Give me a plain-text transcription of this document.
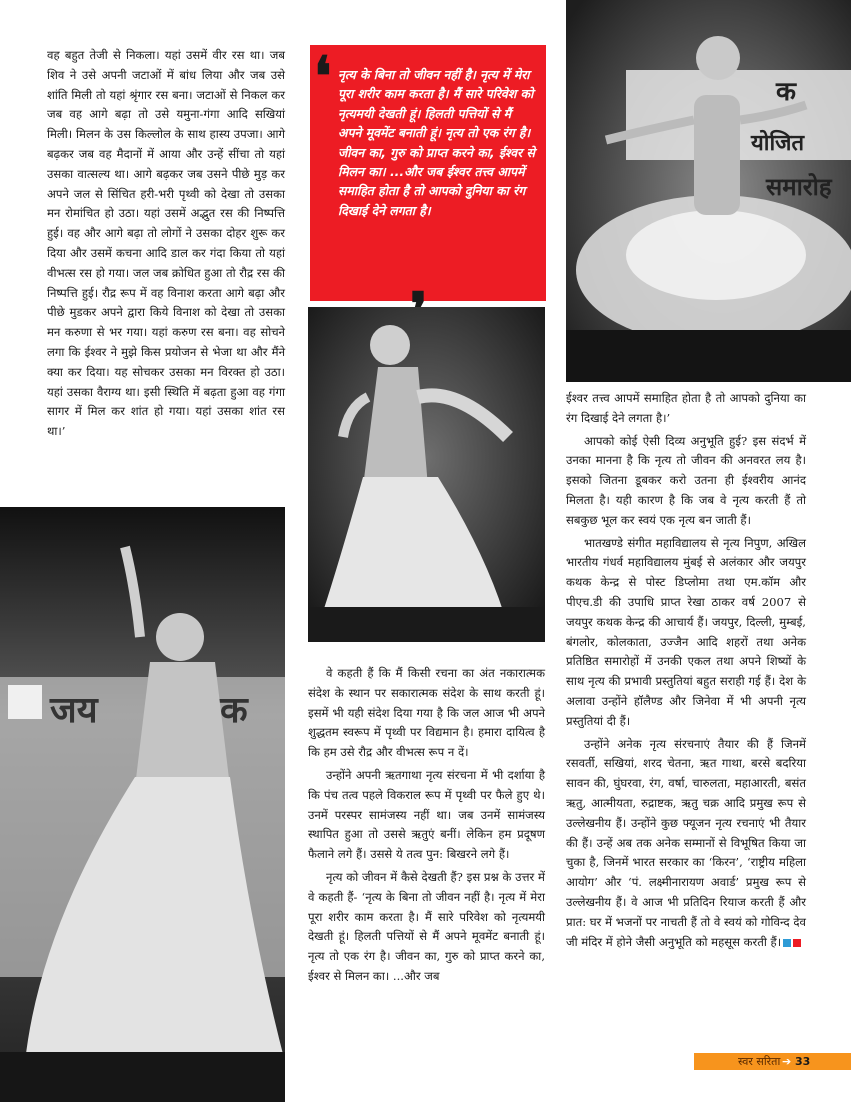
क
योजित
समारोह

वह बहुत तेजी से निकला। यहां उसमें वीर रस था। जब शिव ने उसे अपनी जटाओं में बांध लिया और जब उसे शांति मिली तो यहां श्रृंगार रस बना। जटाओं से निकल कर जब वह आगे बढ़ा तो उसे यमुना-गंगा आदि सखियां मिली। मिलन के उस किल्लोल के साथ हास्य उपजा। आगे बढ़कर जब वह मैदानों में आया और उन्हें सींचा तो यहां उसका वात्सल्य था। आगे बढ़कर जब उसने पीछे मुड़ कर अपने जल से सिंचित हरी-भरी पृथ्वी को देखा तो उसका मन रोमांचित हो उठा। यहां उसमें अद्भुत रस की निष्पत्ति हुई। वह और आगे बढ़ा तो लोगों ने उसका दोहर शुरू कर दिया और उसमें कचना आदि डाल कर गंदा किया तो यहां वीभत्स रस हो गया। जल जब क्रोधित हुआ तो रौद्र रस की निष्पत्ति हुई। रौद्र रूप में वह विनाश करता आगे बढ़ा और पीछे मुडकर अपने द्वारा किये विनाश को देखा तो उसका मन करुणा से भर गया। यहां करुण रस बना। वह सोचने लगा कि ईश्वर ने मुझे किस प्रयोजन से भेजा था और मैंने क्या कर दिया। यह सोचकर उसका मन विरक्त हो उठा। यहां उसका वैराग्य था। इसी स्थिति में बढ़ता हुआ वह गंगा सागर में मिल कर शांत हो गया। यहां उसका शांत रस था।’

❛ नृत्य के बिना तो जीवन नहीं है। नृत्य में मेरा पूरा शरीर काम करता है। मैं सारे परिवेश को नृत्यमयी देखती हूं। हिलती पत्तियों से मैं अपने मूवमेंट बनाती हूं। नृत्य तो एक रंग है। जीवन का, गुरु को प्राप्त करने का, ईश्वर से मिलन का। ...और जब ईश्वर तत्त्व आपमें समाहित होता है तो आपको दुनिया का रंग दिखाई देने लगता है।

जय	क

वे कहती हैं कि मैं किसी रचना का अंत नकारात्मक संदेश के स्थान पर सकारात्मक संदेश के साथ करती हूं। इसमें भी यही संदेश दिया गया है कि जल आज भी अपने शुद्धतम स्वरूप में पृथ्वी पर विद्यमान है। हमारा दायित्व है कि हम उसे रौद्र और वीभत्स रूप न दें।

उन्होंने अपनी ऋतगाथा नृत्य संरचना में भी दर्शाया है कि पंच तत्व पहले विकराल रूप में पृथ्वी पर फैले हुए थे। उनमें परस्पर सामंजस्य नहीं था। जब उनमें सामंजस्य स्थापित हुआ तो उससे ऋतुएं बनीं। लेकिन हम प्रदूषण फैलाने लगे हैं। उससे ये तत्व पुन: बिखरने लगे हैं।

नृत्य को जीवन में कैसे देखती हैं? इस प्रश्न के उत्तर में वे कहती हैं- ‘नृत्य के बिना तो जीवन नहीं है। नृत्य में मेरा पूरा शरीर काम करता है। मैं सारे परिवेश को नृत्यमयी देखती हूं। हिलती पत्तियों से मैं अपने मूवमेंट बनाती हूं। नृत्य तो एक रंग है। जीवन का, गुरु को प्राप्त करने का, ईश्वर से मिलन का। ...और जब

ईश्वर तत्त्व आपमें समाहित होता है तो आपको दुनिया का रंग दिखाई देने लगता है।’

आपको कोई ऐसी दिव्य अनुभूति हुई? इस संदर्भ में उनका मानना है कि नृत्य तो जीवन की अनवरत लय है। इसको जितना डूबकर करो उतना ही ईश्वरीय आनंद मिलता है। यही कारण है कि जब वे नृत्य करती हैं तो सबकुछ भूल कर स्वयं एक नृत्य बन जाती हैं।

भातखण्डे संगीत महाविद्यालय से नृत्य निपुण, अखिल भारतीय गंधर्व महाविद्यालय मुंबई से अलंकार और जयपुर कथक केन्द्र से पोस्ट डिप्लोमा तथा एम.कॉम और पीएच.डी की उपाधि प्राप्त रेखा ठाकर वर्ष 2007 से जयपुर कथक केन्द्र की आचार्य हैं। जयपुर, दिल्ली, मुम्बई, बंगलोर, कोलकाता, उज्जैन आदि शहरों तथा अनेक प्रतिष्ठित समारोहों में उनकी एकल तथा अपने शिष्यों के साथ नृत्य की प्रभावी प्रस्तुतियां बहुत सराही गई हैं। देश के अलावा उन्होंने हॉलैण्ड और जिनेवा में भी अपनी नृत्य प्रस्तुतियां दी हैं।

उन्होंने अनेक नृत्य संरचनाएं तैयार की हैं जिनमें रसवर्ती, सखियां, शरद चेतना, ऋत गाथा, बरसे बदरिया सावन की, घुंघरवा, रंग, वर्षा, चारुलता, महाआरती, बसंत ऋतु, आत्मीयता, रुद्राष्टक, ऋतु चक्र आदि प्रमुख रूप से उल्लेखनीय हैं। उन्होंने कुछ फ्यूजन नृत्य रचनाएं भी तैयार की हैं। उन्हें अब तक अनेक सम्मानों से विभूषित किया जा चुका है, जिनमें भारत सरकार का ‘किरन’, ‘राष्ट्रीय महिला आयोग’ और ‘पं. लक्ष्मीनारायण अवार्ड’ प्रमुख रूप से उल्लेखनीय हैं। वे आज भी प्रतिदिन रियाज करती हैं और प्रात: घर में भजनों पर नाचती हैं तो वे स्वयं को गोविन्द देव जी मंदिर में होने जैसी अनुभूति को महसूस करती हैं।

स्वर सरिता ➔ 33
